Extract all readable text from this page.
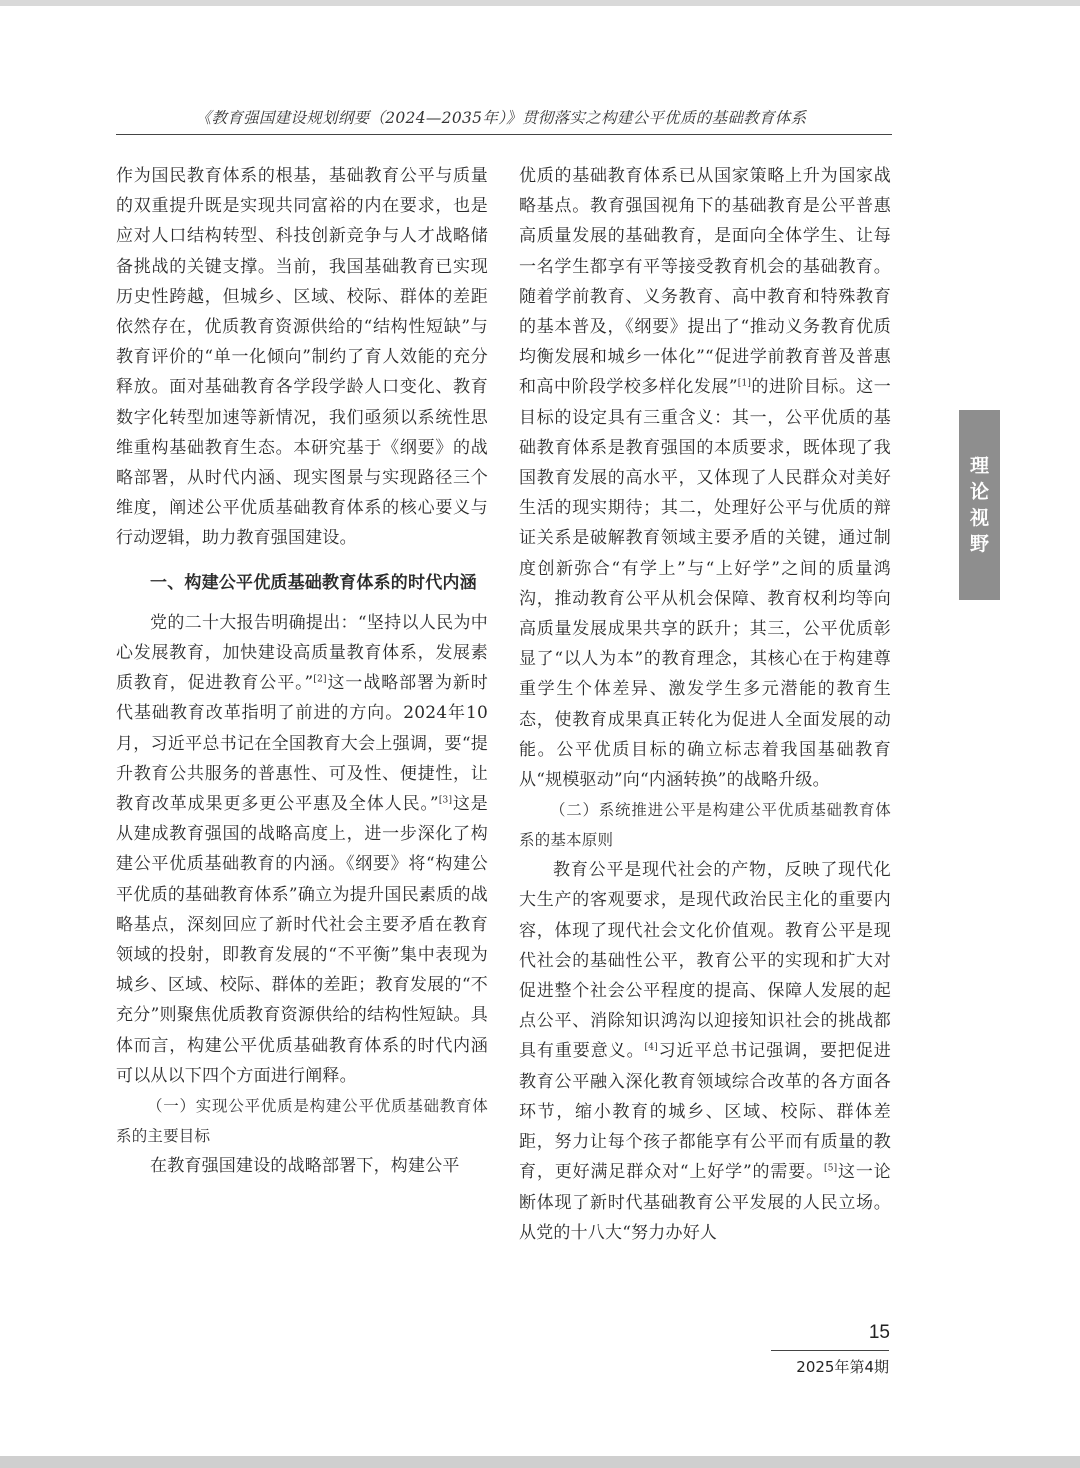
《教育强国建设规划纲要（2024—2035年）》贯彻落实之构建公平优质的基础教育体系

作为国民教育体系的根基，基础教育公平与质量的双重提升既是实现共同富裕的内在要求，也是应对人口结构转型、科技创新竞争与人才战略储备挑战的关键支撑。当前，我国基础教育已实现历史性跨越，但城乡、区域、校际、群体的差距依然存在，优质教育资源供给的“结构性短缺”与教育评价的“单一化倾向”制约了育人效能的充分释放。面对基础教育各学段学龄人口变化、教育数字化转型加速等新情况，我们亟须以系统性思维重构基础教育生态。本研究基于《纲要》的战略部署，从时代内涵、现实图景与实现路径三个维度，阐述公平优质基础教育体系的核心要义与行动逻辑，助力教育强国建设。

一、构建公平优质基础教育体系的时代内涵

党的二十大报告明确提出：“坚持以人民为中心发展教育，加快建设高质量教育体系，发展素质教育，促进教育公平。”[2]这一战略部署为新时代基础教育改革指明了前进的方向。2024年10月，习近平总书记在全国教育大会上强调，要“提升教育公共服务的普惠性、可及性、便捷性，让教育改革成果更多更公平惠及全体人民。”[3]这是从建成教育强国的战略高度上，进一步深化了构建公平优质基础教育的内涵。《纲要》将“构建公平优质的基础教育体系”确立为提升国民素质的战略基点，深刻回应了新时代社会主要矛盾在教育领域的投射，即教育发展的“不平衡”集中表现为城乡、区域、校际、群体的差距；教育发展的“不充分”则聚焦优质教育资源供给的结构性短缺。具体而言，构建公平优质基础教育体系的时代内涵可以从以下四个方面进行阐释。

（一）实现公平优质是构建公平优质基础教育体系的主要目标

在教育强国建设的战略部署下，构建公平

优质的基础教育体系已从国家策略上升为国家战略基点。教育强国视角下的基础教育是公平普惠高质量发展的基础教育，是面向全体学生、让每一名学生都享有平等接受教育机会的基础教育。随着学前教育、义务教育、高中教育和特殊教育的基本普及，《纲要》提出了“推动义务教育优质均衡发展和城乡一体化”“促进学前教育普及普惠和高中阶段学校多样化发展”[1]的进阶目标。这一目标的设定具有三重含义：其一，公平优质的基础教育体系是教育强国的本质要求，既体现了我国教育发展的高水平，又体现了人民群众对美好生活的现实期待；其二，处理好公平与优质的辩证关系是破解教育领域主要矛盾的关键，通过制度创新弥合“有学上”与“上好学”之间的质量鸿沟，推动教育公平从机会保障、教育权利均等向高质量发展成果共享的跃升；其三，公平优质彰显了“以人为本”的教育理念，其核心在于构建尊重学生个体差异、激发学生多元潜能的教育生态，使教育成果真正转化为促进人全面发展的动能。公平优质目标的确立标志着我国基础教育从“规模驱动”向“内涵转换”的战略升级。

（二）系统推进公平是构建公平优质基础教育体系的基本原则

教育公平是现代社会的产物，反映了现代化大生产的客观要求，是现代政治民主化的重要内容，体现了现代社会文化价值观。教育公平是现代社会的基础性公平，教育公平的实现和扩大对促进整个社会公平程度的提高、保障人发展的起点公平、消除知识鸿沟以迎接知识社会的挑战都具有重要意义。[4]习近平总书记强调，要把促进教育公平融入深化教育领域综合改革的各方面各环节，缩小教育的城乡、区域、校际、群体差距，努力让每个孩子都能享有公平而有质量的教育，更好满足群众对“上好学”的需要。[5]这一论断体现了新时代基础教育公平发展的人民立场。从党的十八大“努力办好人

理
论
视
野
15
2025年第4期
